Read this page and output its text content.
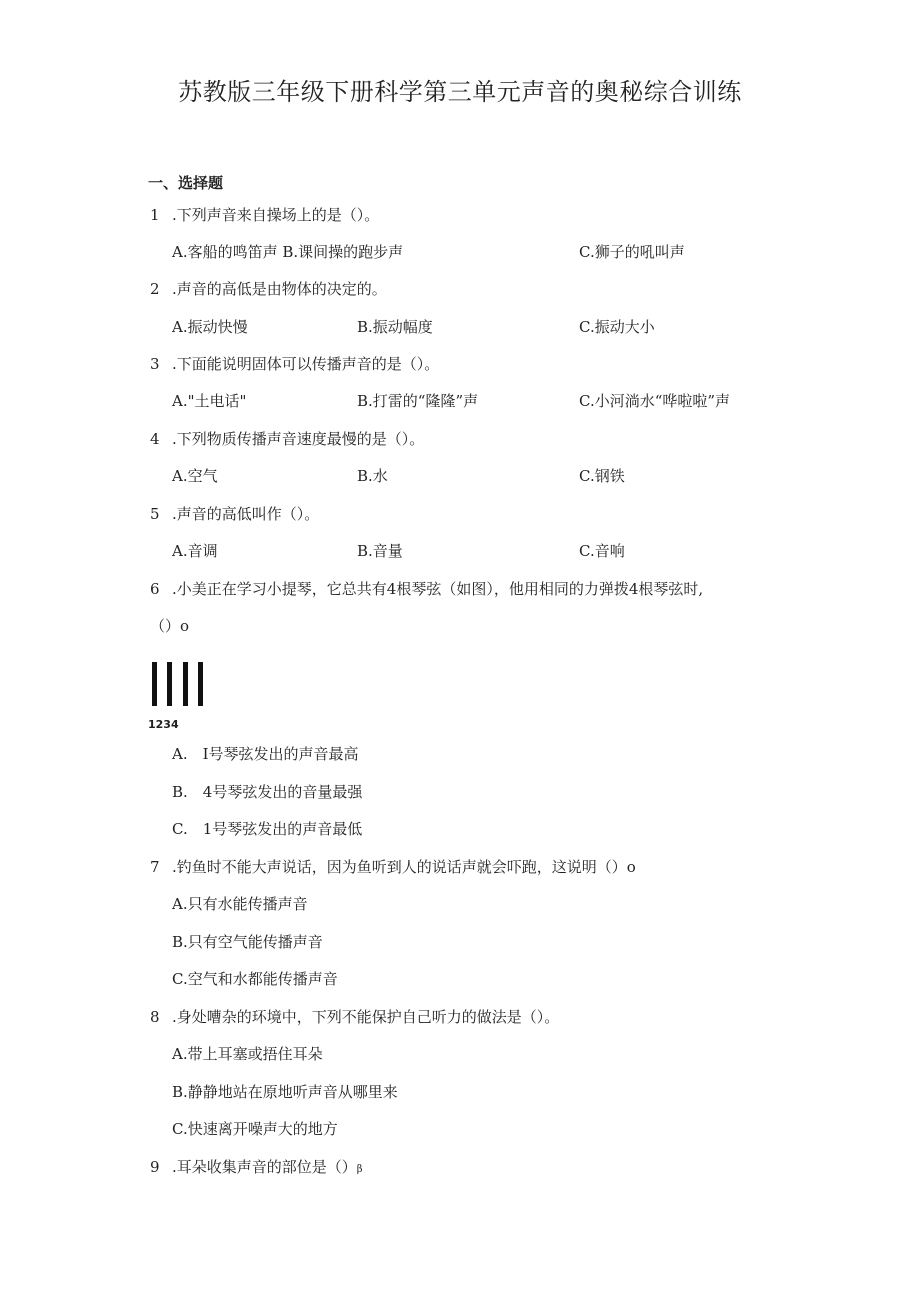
苏教版三年级下册科学第三单元声音的奥秘综合训练
一、选择题
1 .下列声音来自操场上的是（）。
A.客船的鸣笛声 B.课间操的跑步声	C.狮子的吼叫声
2 .声音的高低是由物体的决定的。
A.振动快慢	B.振动幅度	C.振动大小
3 .下面能说明固体可以传播声音的是（）。
A."土电话"	B.打雷的“隆隆”声	C.小河淌水“哗啦啦”声
4 .下列物质传播声音速度最慢的是（）。
A.空气	B.水	C.钢铁
5 .声音的高低叫作（）。
A.音调	B.音量	C.音响
6 .小美正在学习小提琴，它总共有4根琴弦（如图），他用相同的力弹拨4根琴弦时,
（）o
1234
A.　I号琴弦发出的声音最高
B.　4号琴弦发出的音量最强
C.　1号琴弦发出的声音最低
7 .钓鱼时不能大声说话，因为鱼听到人的说话声就会吓跑，这说明（）o
A.只有水能传播声音
B.只有空气能传播声音
C.空气和水都能传播声音
8 .身处嘈杂的环境中，下列不能保护自己听力的做法是（）。
A.带上耳塞或捂住耳朵
B.静静地站在原地听声音从哪里来
C.快速离开噪声大的地方
9 .耳朵收集声音的部位是（）β
